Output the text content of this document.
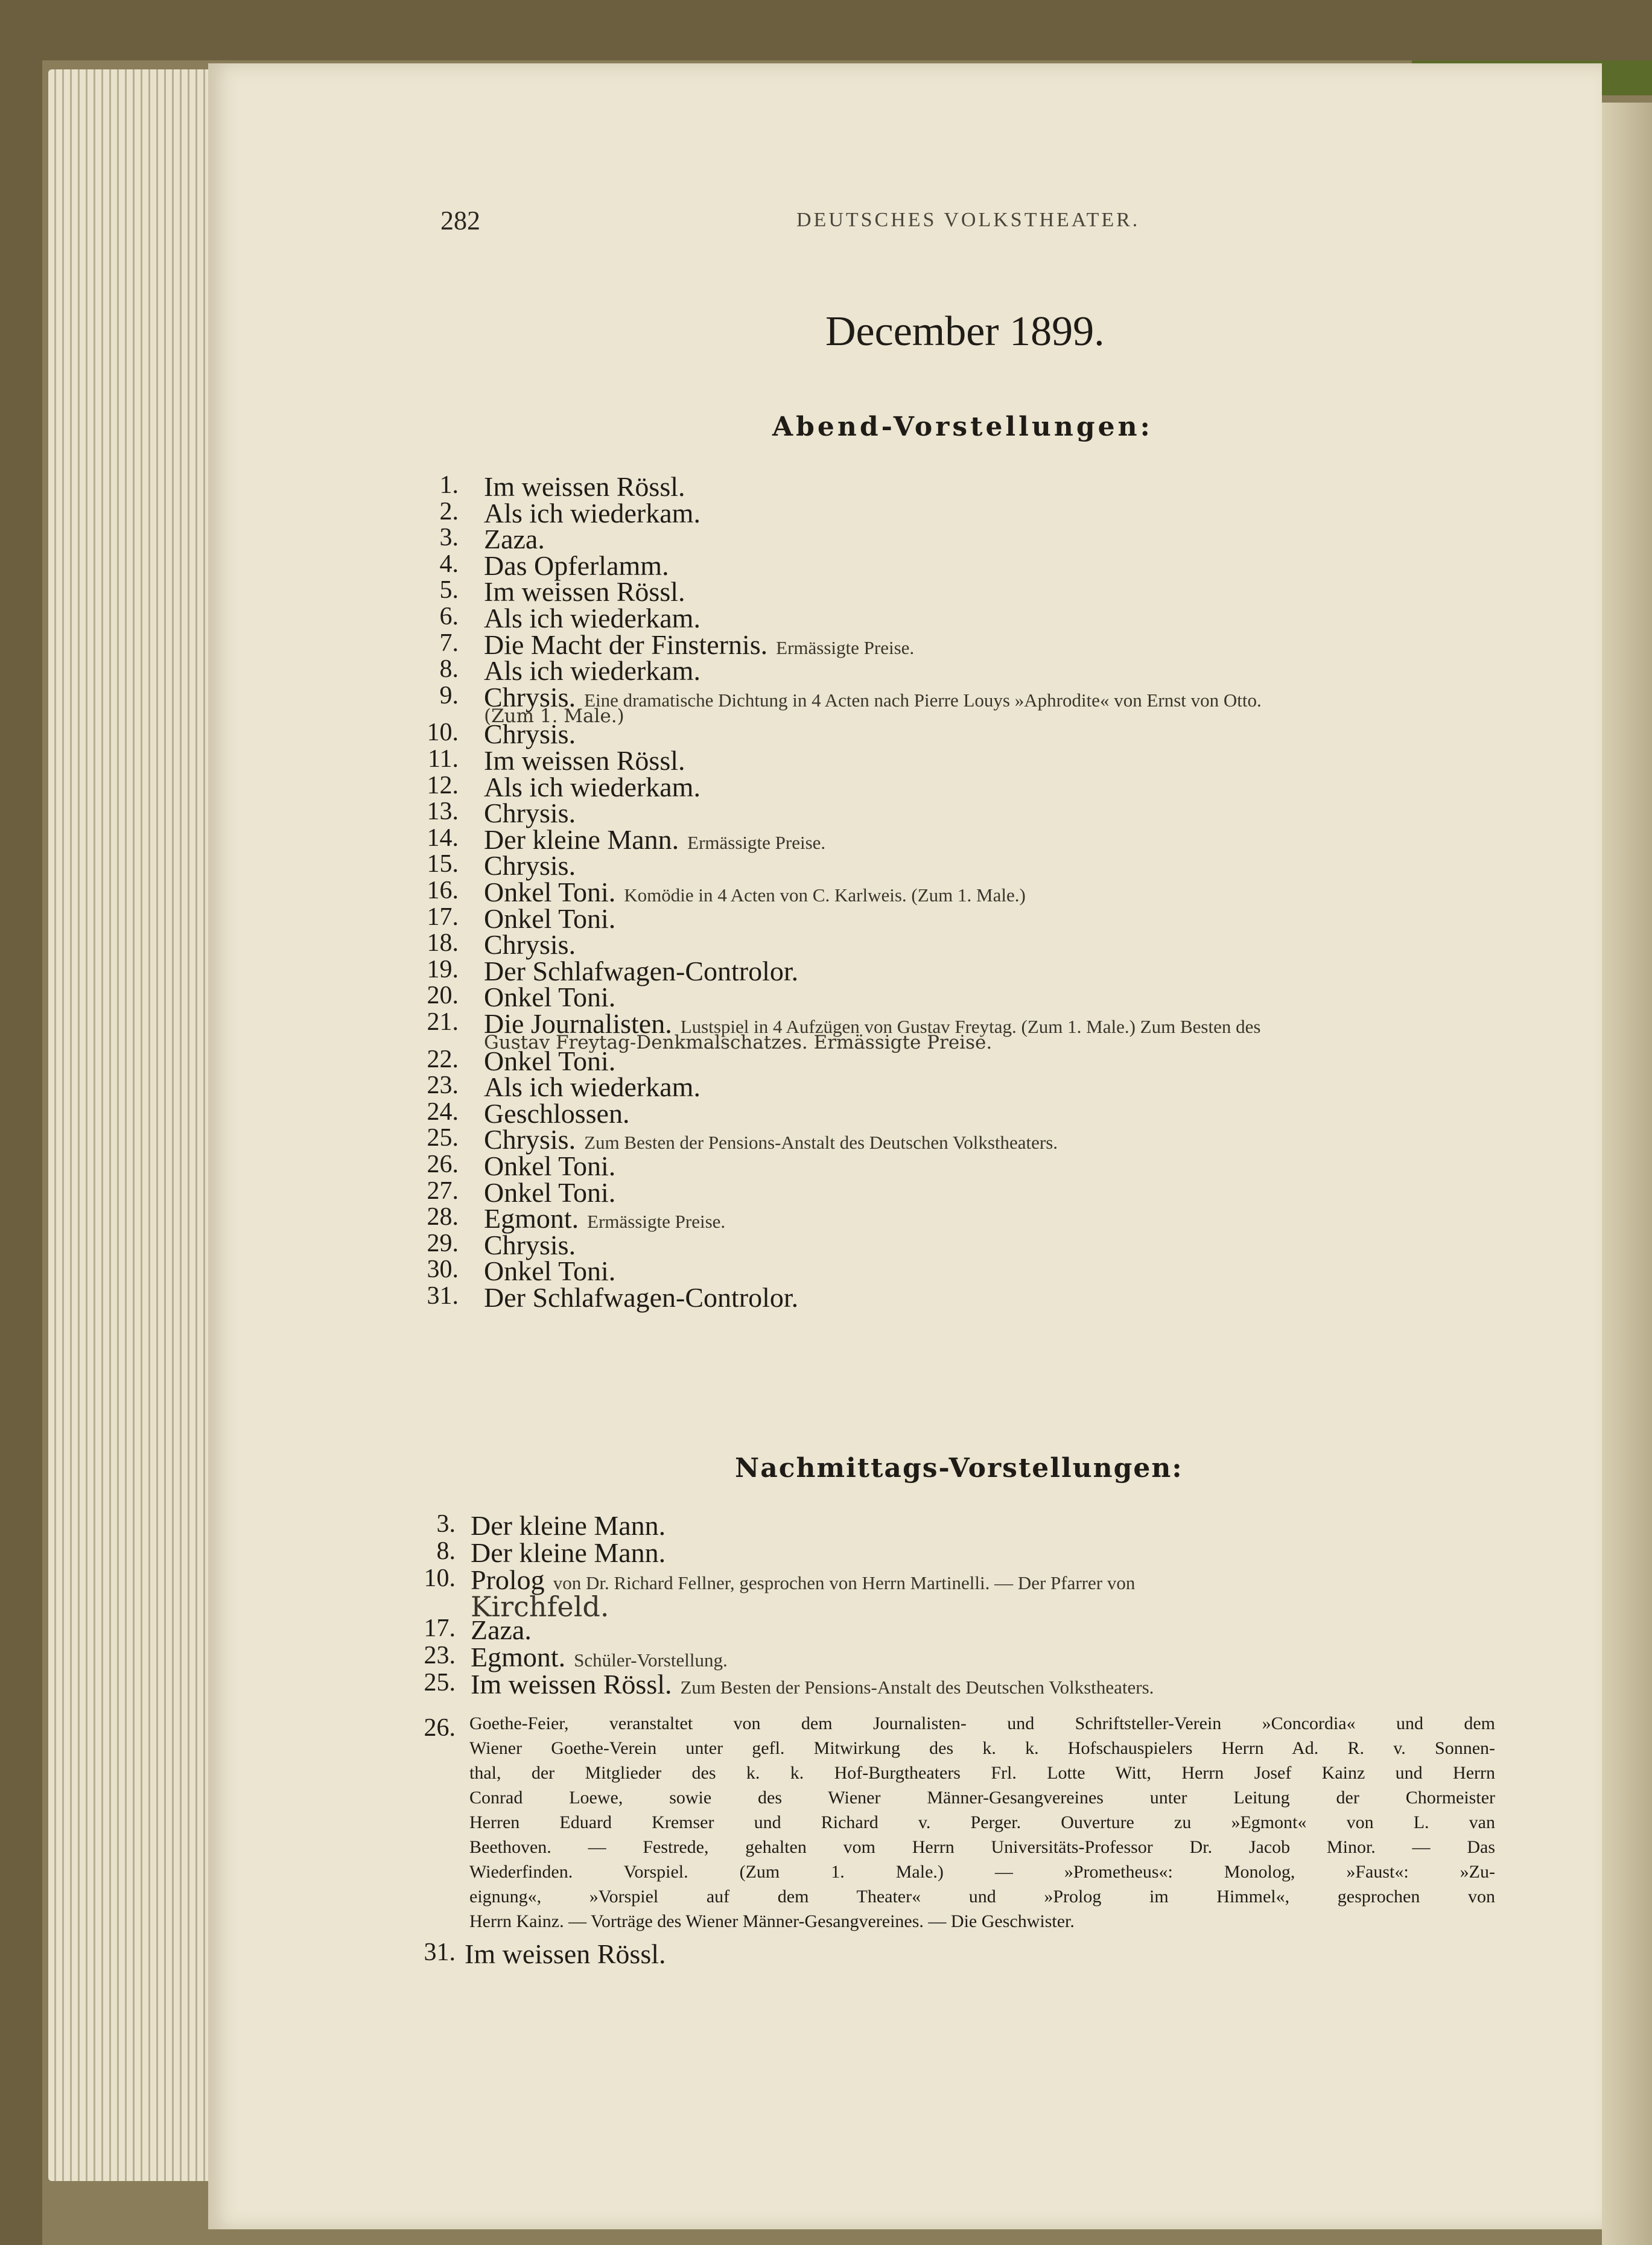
282	DEUTSCHES VOLKSTHEATER.
December 1899.
Abend-Vorstellungen:
1. Im weissen Rössl.
2. Als ich wiederkam.
3. Zaza.
4. Das Opferlamm.
5. Im weissen Rössl.
6. Als ich wiederkam.
7. Die Macht der Finsternis. Ermässigte Preise.
8. Als ich wiederkam.
9. Chrysis. Eine dramatische Dichtung in 4 Acten nach Pierre Louys »Aphrodite« von Ernst von Otto.
(Zum 1. Male.)
10. Chrysis.
11. Im weissen Rössl.
12. Als ich wiederkam.
13. Chrysis.
14. Der kleine Mann. Ermässigte Preise.
15. Chrysis.
16. Onkel Toni. Komödie in 4 Acten von C. Karlweis. (Zum 1. Male.)
17. Onkel Toni.
18. Chrysis.
19. Der Schlafwagen-Controlor.
20. Onkel Toni.
21. Die Journalisten. Lustspiel in 4 Aufzügen von Gustav Freytag. (Zum 1. Male.) Zum Besten des
Gustav Freytag-Denkmalschatzes. Ermässigte Preise.
22. Onkel Toni.
23. Als ich wiederkam.
24. Geschlossen.
25. Chrysis. Zum Besten der Pensions-Anstalt des Deutschen Volkstheaters.
26. Onkel Toni.
27. Onkel Toni.
28. Egmont. Ermässigte Preise.
29. Chrysis.
30. Onkel Toni.
31. Der Schlafwagen-Controlor.
Nachmittags-Vorstellungen:
3. Der kleine Mann.
8. Der kleine Mann.
10. Prolog von Dr. Richard Fellner, gesprochen von Herrn Martinelli. — Der Pfarrer von
Kirchfeld.
17. Zaza.
23. Egmont. Schüler-Vorstellung.
25. Im weissen Rössl. Zum Besten der Pensions-Anstalt des Deutschen Volkstheaters.
26. Goethe-Feier, veranstaltet von dem Journalisten- und Schriftsteller-Verein »Concordia« und dem
Wiener Goethe-Verein unter gefl. Mitwirkung des k. k. Hofschauspielers Herrn Ad. R. v. Sonnen-
thal, der Mitglieder des k. k. Hof-Burgtheaters Frl. Lotte Witt, Herrn Josef Kainz und Herrn
Conrad Loewe, sowie des Wiener Männer-Gesangvereines unter Leitung der Chormeister
Herren Eduard Kremser und Richard v. Perger. Ouverture zu »Egmont« von L. van
Beethoven. — Festrede, gehalten vom Herrn Universitäts-Professor Dr. Jacob Minor. — Das
Wiederfinden. Vorspiel. (Zum 1. Male.) — »Prometheus«: Monolog, »Faust«: »Zu-
eignung«, »Vorspiel auf dem Theater« und »Prolog im Himmel«, gesprochen von
Herrn Kainz. — Vorträge des Wiener Männer-Gesangvereines. — Die Geschwister.
31. Im weissen Rössl.
